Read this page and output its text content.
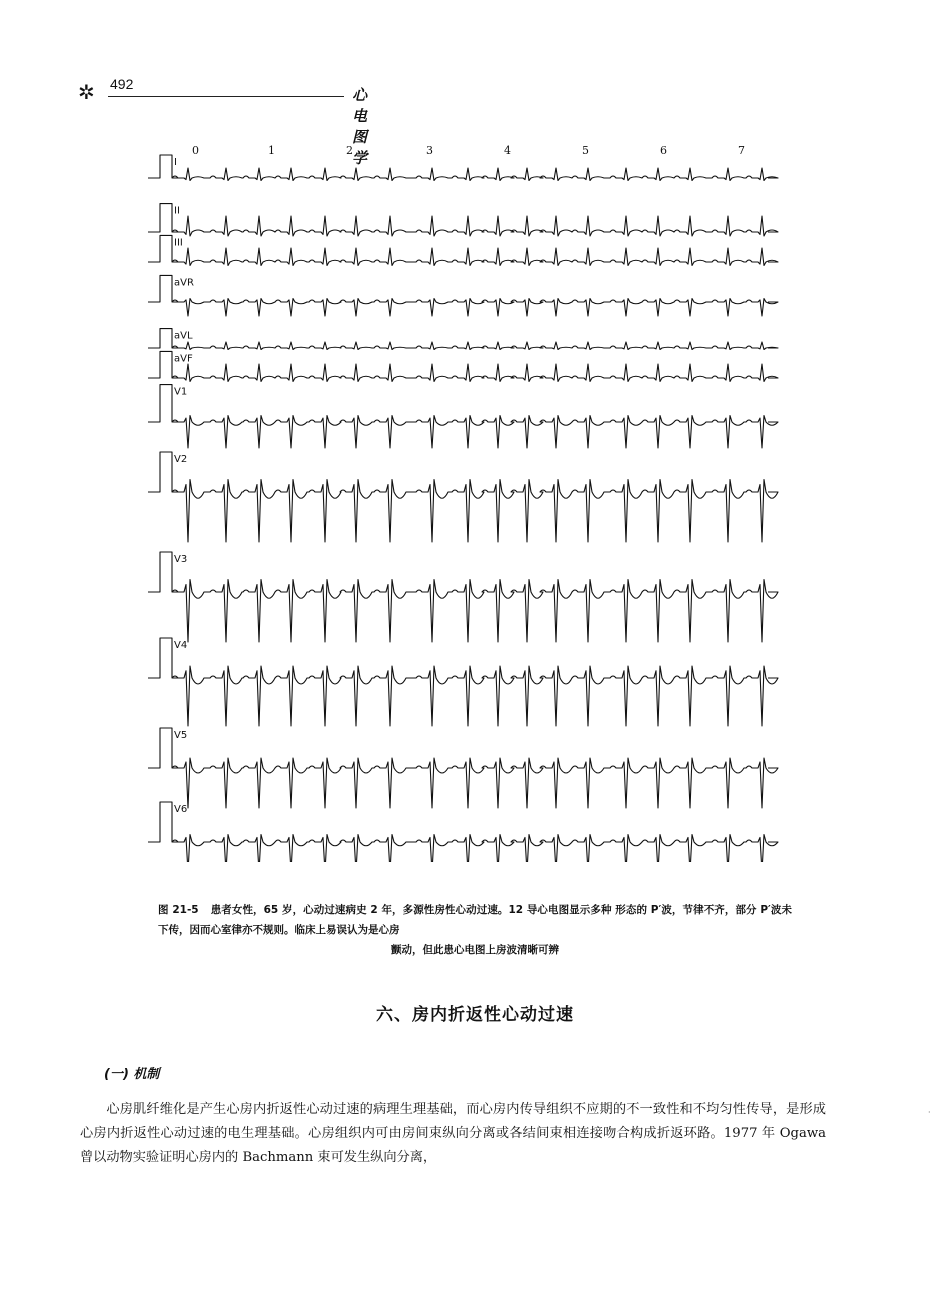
✲ 492
心电图学
0	1	2	3	4	5	6	7
I
II
III
aVR
aVL
aVF
V1
V2
V3
V4
V5
V6
图 21-5 患者女性，65 岁，心动过速病史 2 年，多源性房性心动过速。12 导心电图显示多种 形态的 P′波，节律不齐，部分 P′波未下传，因而心室律亦不规则。临床上易误认为是心房
颤动，但此患心电图上房波清晰可辨
六、房内折返性心动过速
(一) 机制

心房肌纤维化是产生心房内折返性心动过速的病理生理基础，而心房内传导组织不应期的不一致性和不均匀性传导，是形成心房内折返性心动过速的电生理基础。心房组织内可由房间束纵向分离或各结间束相连接吻合构成折返环路。1977 年 Ogawa 曾以动物实验证明心房内的 Bachmann 束可发生纵向分离，

·
